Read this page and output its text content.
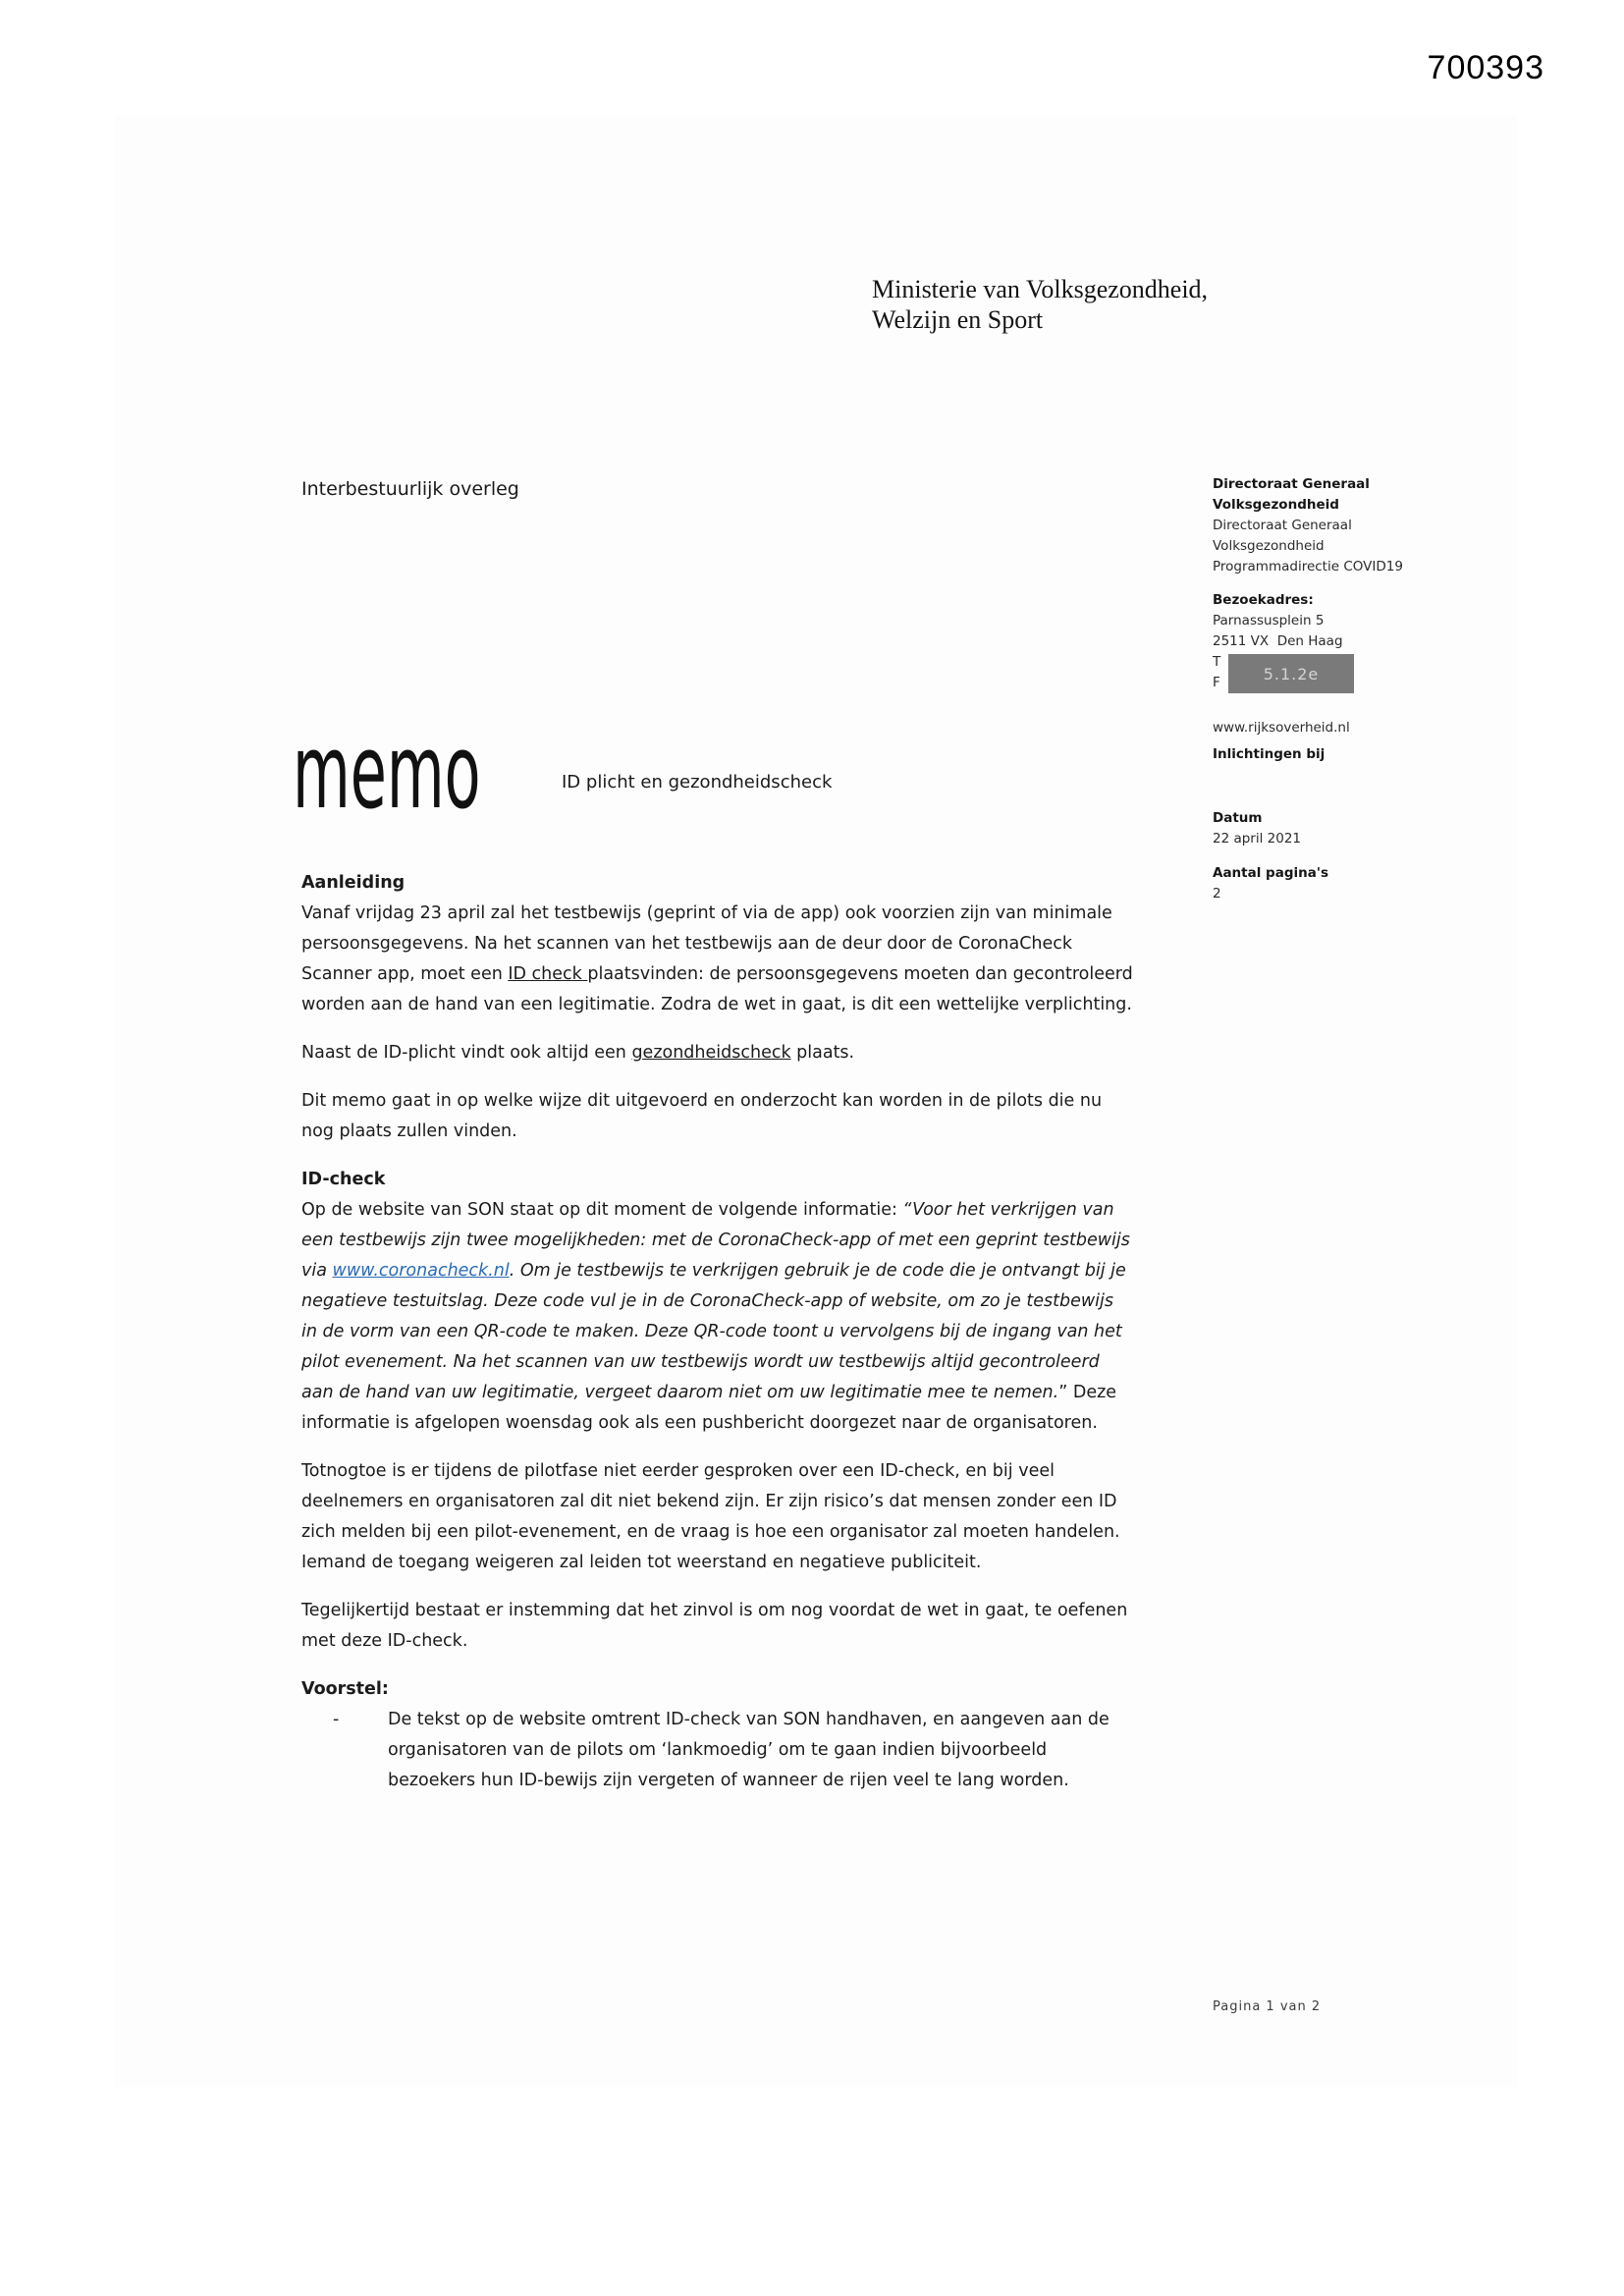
700393
Ministerie van Volksgezondheid,
Welzijn en Sport
Interbestuurlijk overleg	Directoraat Generaal
Volksgezondheid
Directoraat Generaal
Volksgezondheid
Programmadirectie COVID19
Bezoekadres:
Parnassusplein 5
2511 VX  Den Haag
T
F	5.1.2e
www.rijksoverheid.nl
Inlichtingen bij
Datum
22 april 2021
Aantal pagina's
2
memo	ID plicht en gezondheidscheck
Aanleiding

Vanaf vrijdag 23 april zal het testbewijs (geprint of via de app) ook voorzien zijn van minimale persoonsgegevens. Na het scannen van het testbewijs aan de deur door de CoronaCheck Scanner app, moet een ID check plaatsvinden: de persoonsgegevens moeten dan gecontroleerd worden aan de hand van een legitimatie. Zodra de wet in gaat, is dit een wettelijke verplichting.

Naast de ID-plicht vindt ook altijd een gezondheidscheck plaats.

Dit memo gaat in op welke wijze dit uitgevoerd en onderzocht kan worden in de pilots die nu nog plaats zullen vinden.

ID-check

Op de website van SON staat op dit moment de volgende informatie: “Voor het verkrijgen van een testbewijs zijn twee mogelijkheden: met de CoronaCheck-app of met een geprint testbewijs via www.coronacheck.nl. Om je testbewijs te verkrijgen gebruik je de code die je ontvangt bij je negatieve testuitslag. Deze code vul je in de CoronaCheck-app of website, om zo je testbewijs in de vorm van een QR-code te maken. Deze QR-code toont u vervolgens bij de ingang van het pilot evenement. Na het scannen van uw testbewijs wordt uw testbewijs altijd gecontroleerd aan de hand van uw legitimatie, vergeet daarom niet om uw legitimatie mee te nemen.” Deze informatie is afgelopen woensdag ook als een pushbericht doorgezet naar de organisatoren.

Totnogtoe is er tijdens de pilotfase niet eerder gesproken over een ID-check, en bij veel deelnemers en organisatoren zal dit niet bekend zijn. Er zijn risico’s dat mensen zonder een ID zich melden bij een pilot-evenement, en de vraag is hoe een organisator zal moeten handelen. Iemand de toegang weigeren zal leiden tot weerstand en negatieve publiciteit.

Tegelijkertijd bestaat er instemming dat het zinvol is om nog voordat de wet in gaat, te oefenen met deze ID-check.

Voorstel:
-	De tekst op de website omtrent ID-check van SON handhaven, en aangeven aan de organisatoren van de pilots om ‘lankmoedig’ om te gaan indien bijvoorbeeld bezoekers hun ID-bewijs zijn vergeten of wanneer de rijen veel te lang worden.
Pagina 1 van 2
